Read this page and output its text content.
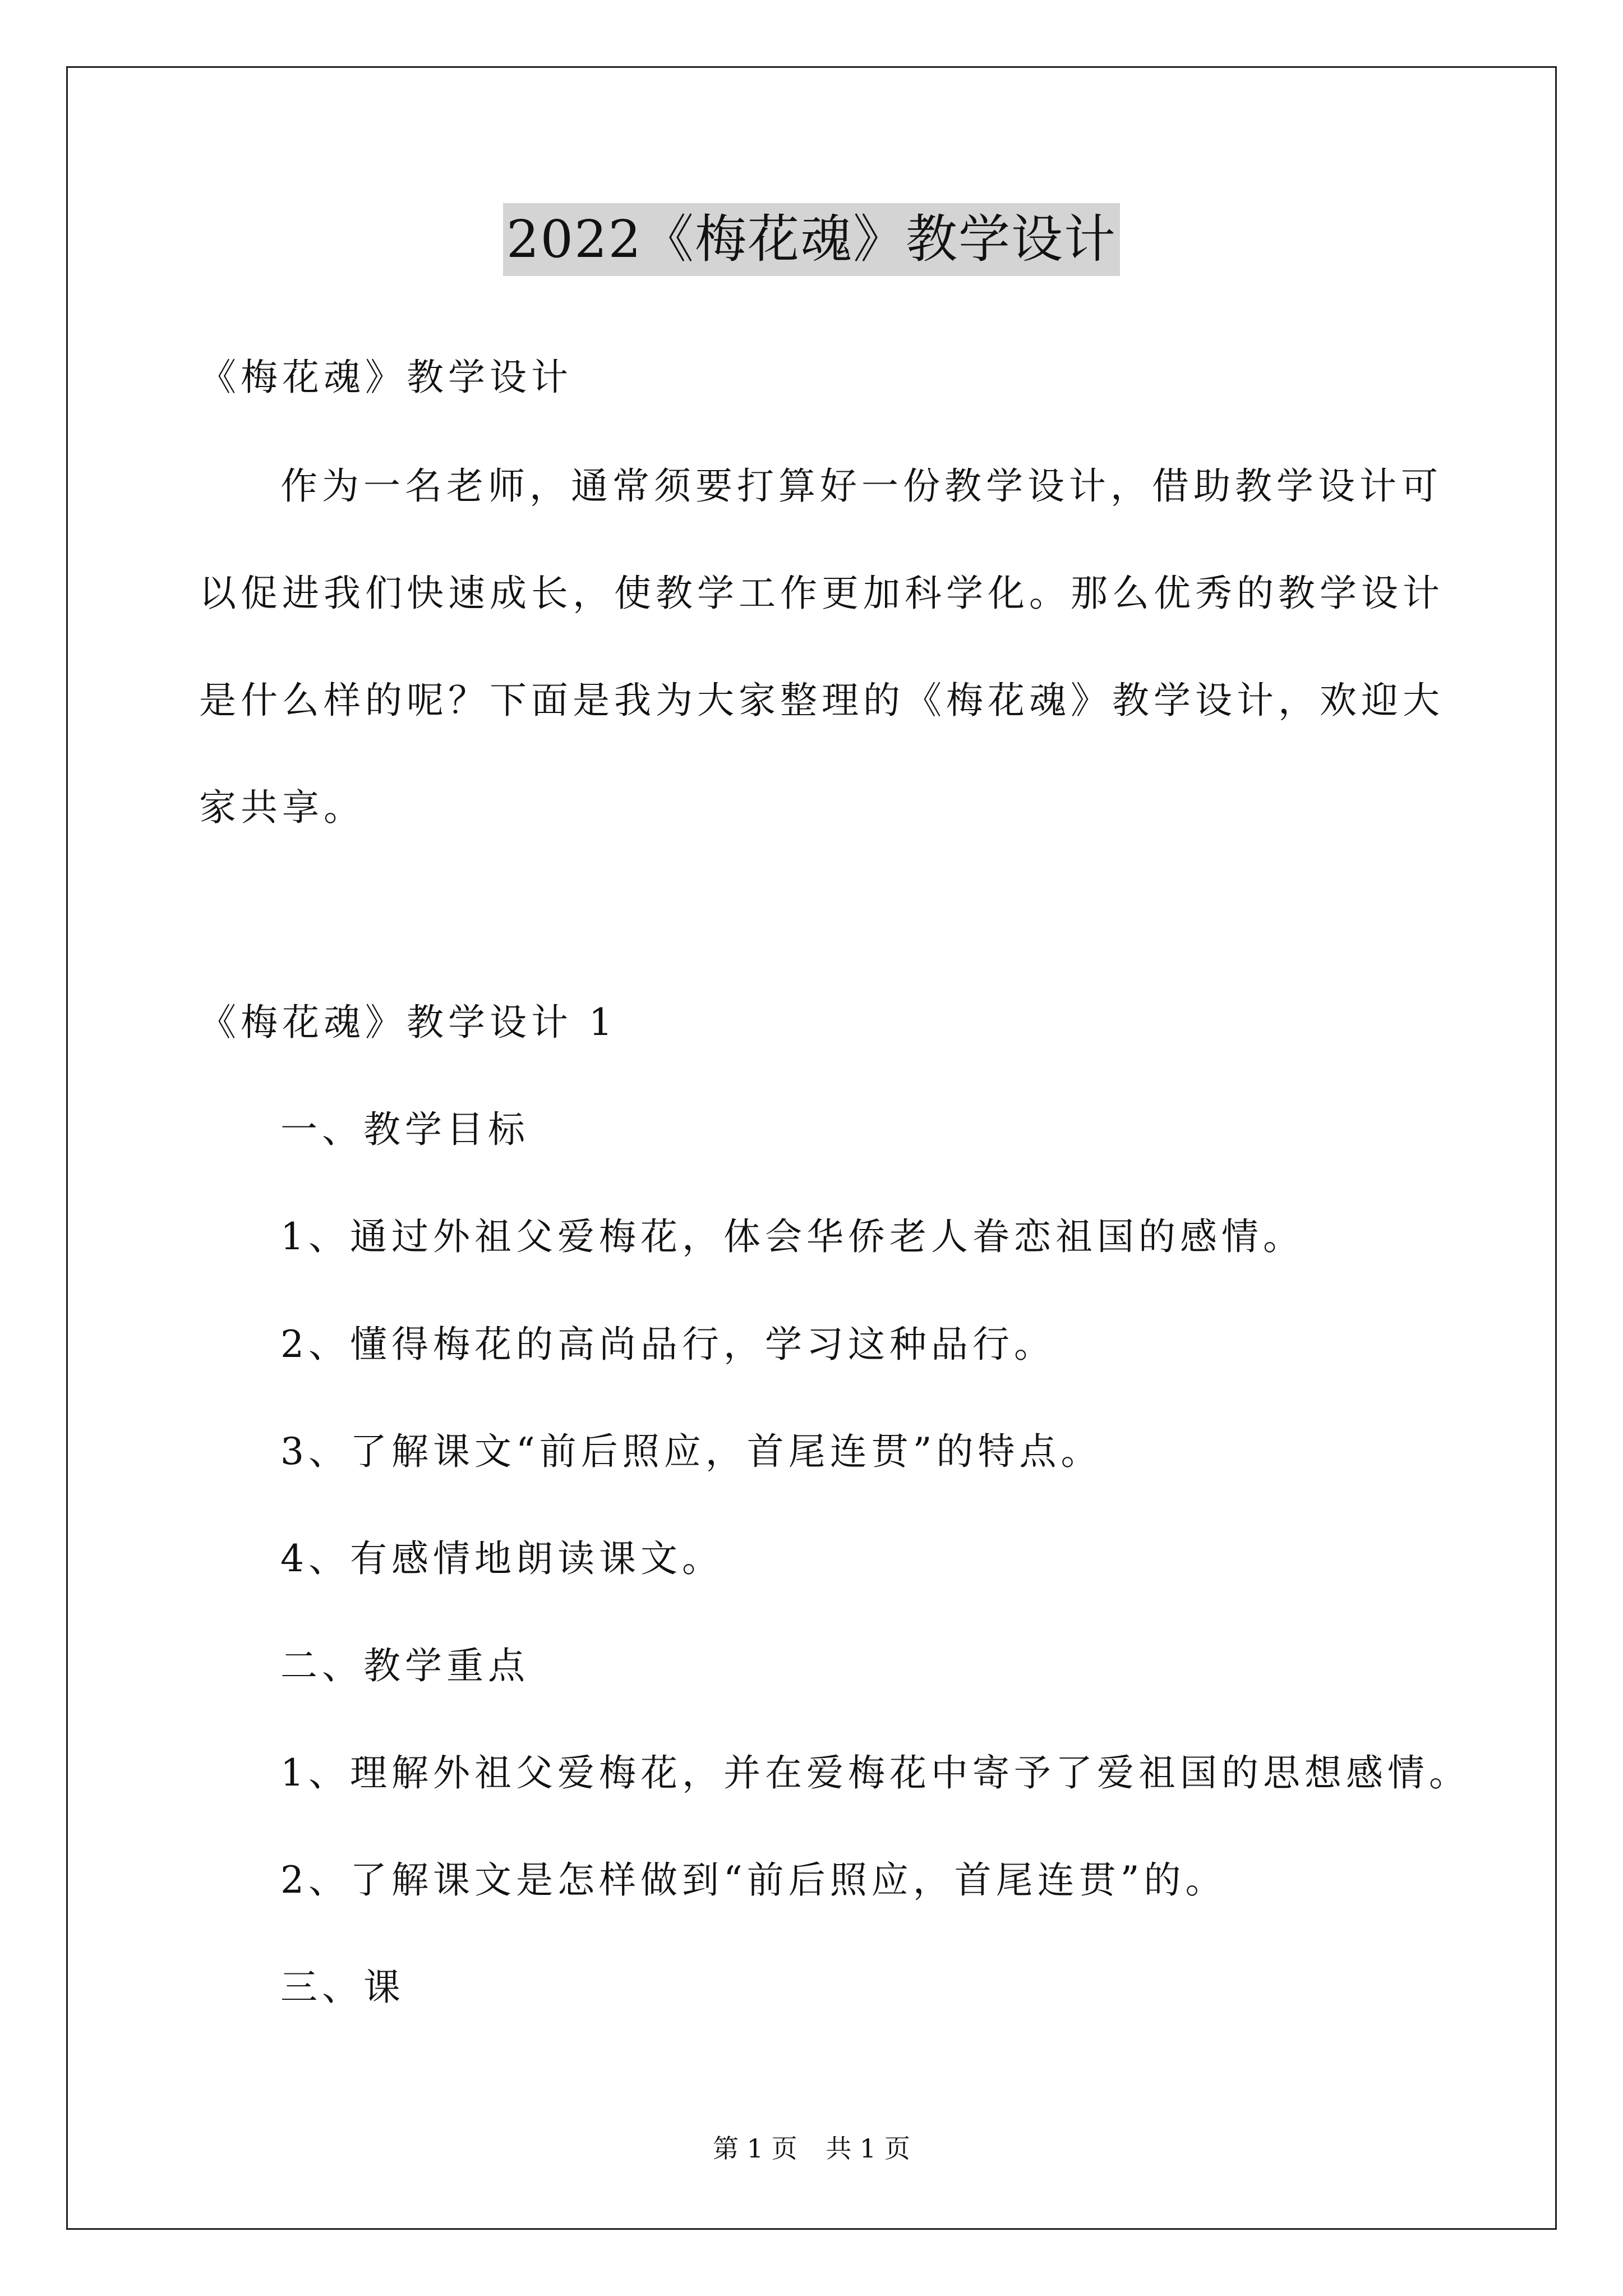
2022《梅花魂》教学设计
《梅花魂》教学设计
作为一名老师，通常须要打算好一份教学设计，借助教学设计可
以促进我们快速成长，使教学工作更加科学化。那么优秀的教学设计
是什么样的呢？下面是我为大家整理的《梅花魂》教学设计，欢迎大
家共享。
《梅花魂》教学设计 1
一、教学目标
1、通过外祖父爱梅花，体会华侨老人眷恋祖国的感情。
2、懂得梅花的高尚品行，学习这种品行。
3、了解课文“前后照应，首尾连贯”的特点。
4、有感情地朗读课文。
二、教学重点
1、理解外祖父爱梅花，并在爱梅花中寄予了爱祖国的思想感情。
2、了解课文是怎样做到“前后照应，首尾连贯”的。
三、课
第 1 页 共 1 页
